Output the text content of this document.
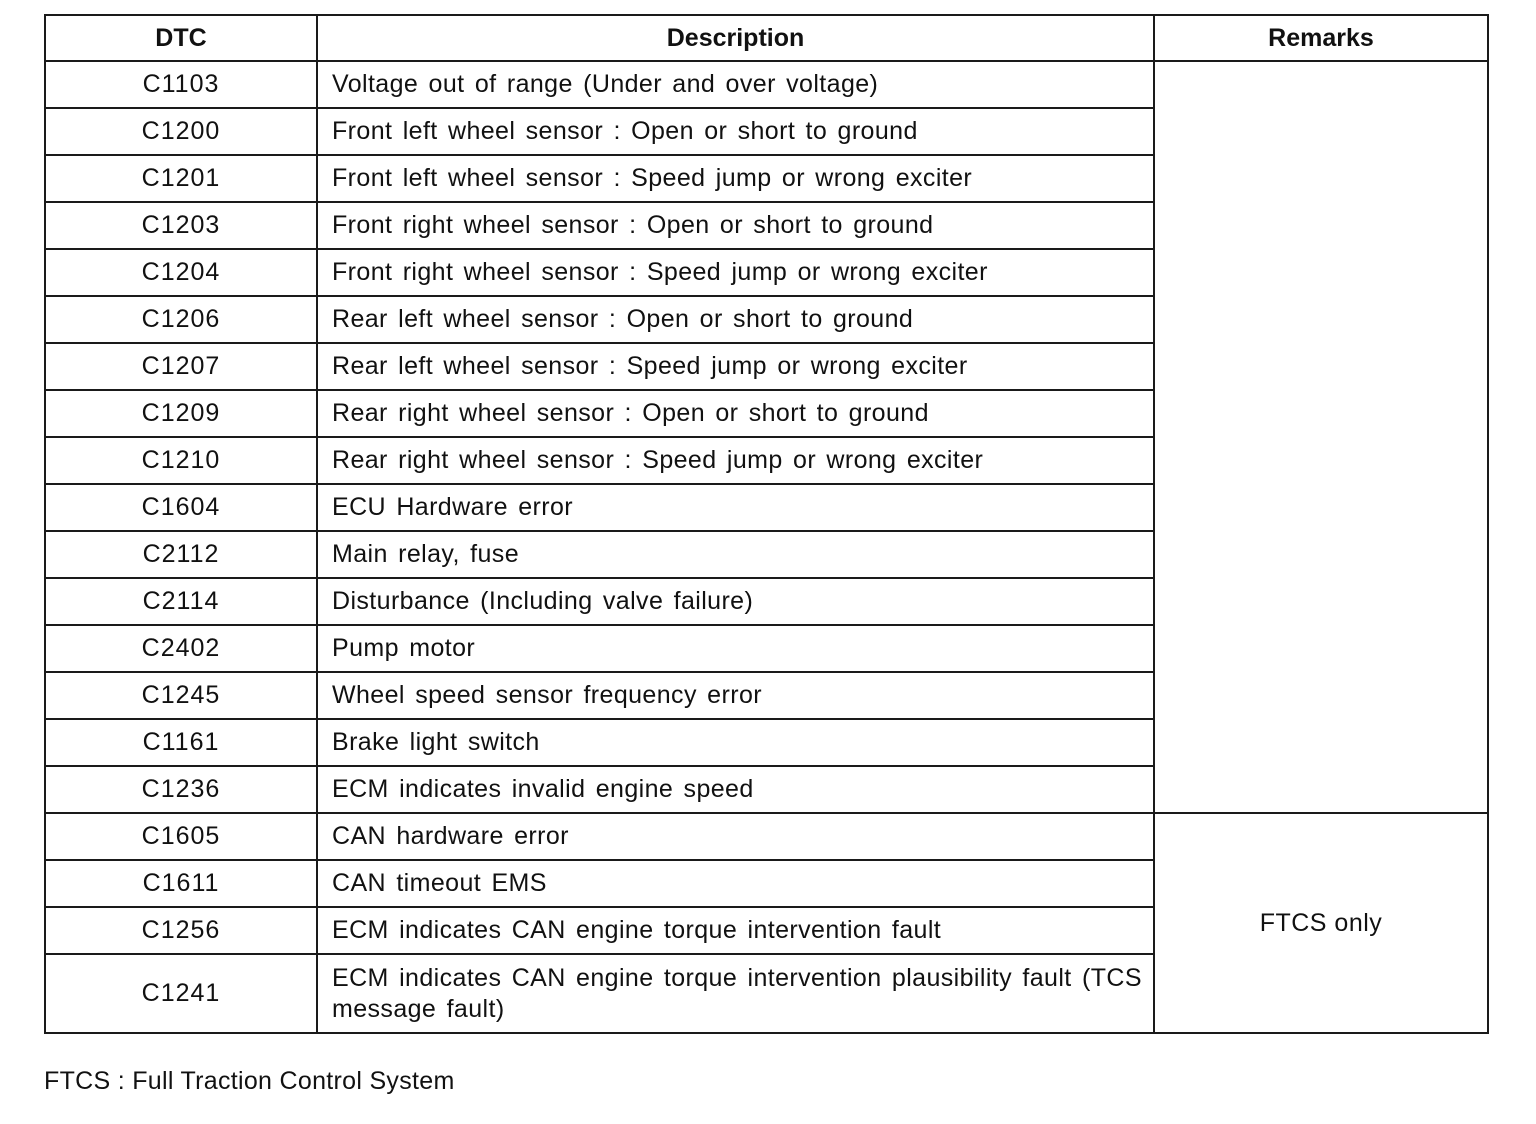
DTC	Description	Remarks
C1103	Voltage out of range (Under and over voltage)	
C1200	Front left wheel sensor : Open or short to ground	
C1201	Front left wheel sensor : Speed jump or wrong exciter	
C1203	Front right wheel sensor : Open or short to ground	
C1204	Front right wheel sensor : Speed jump or wrong exciter	
C1206	Rear left wheel sensor : Open or short to ground	
C1207	Rear left wheel sensor : Speed jump or wrong exciter	
C1209	Rear right wheel sensor : Open or short to ground	
C1210	Rear right wheel sensor : Speed jump or wrong exciter	
C1604	ECU Hardware error	
C2112	Main relay, fuse	
C2114	Disturbance (Including valve failure)	
C2402	Pump motor	
C1245	Wheel speed sensor frequency error	
C1161	Brake light switch	
C1236	ECM indicates invalid engine speed	
C1605	CAN hardware error	FTCS only
C1611	CAN timeout EMS	
C1256	ECM indicates CAN engine torque intervention fault	
C1241	ECM indicates CAN engine torque intervention plausibility fault (TCS message fault)	
FTCS : Full Traction Control System
